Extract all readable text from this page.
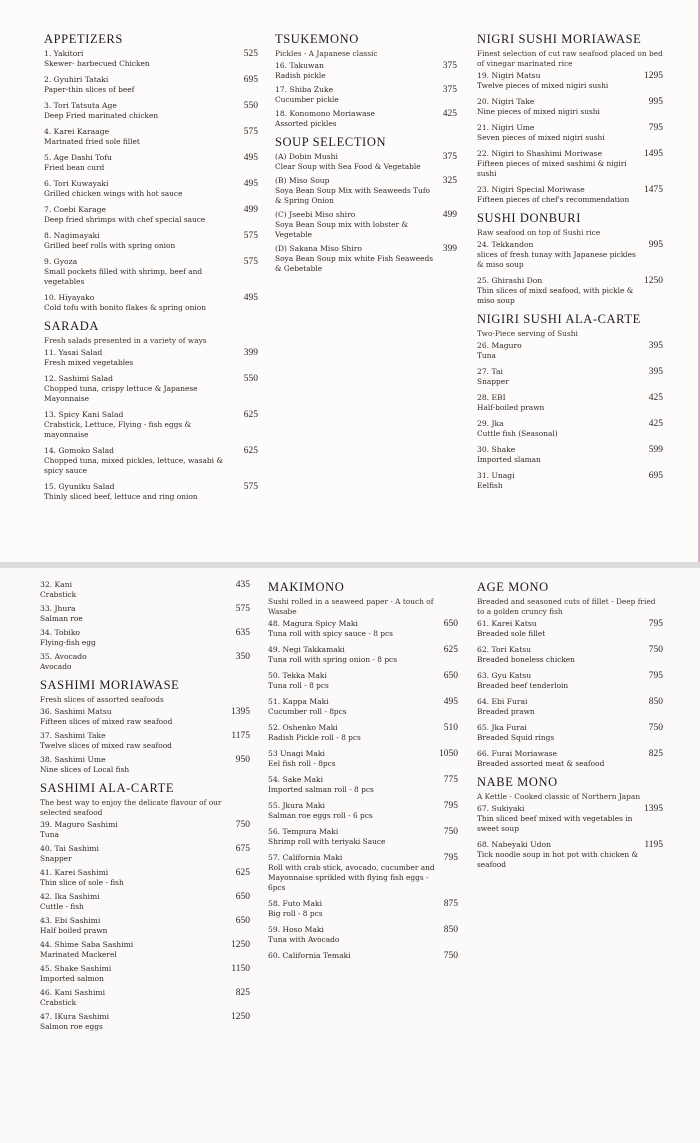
APPETIZERS
1. Yakitori
Skewer- barbecued Chicken
525
2. Gyuhiri Tataki
Paper-thin slices of beef
695
3. Tori Tatsuta Age
Deep Fried marinated chicken
550
4. Karei Karaage
Marinated fried sole fillet
575
5. Age Dashi Tofu
Fried bean curd
495
6. Tori Kuwayaki
Grilled chicken wings with hot sauce
495
7. Coebi Karage
Deep fried shrimps with chef special sauce
499
8. Nagimayaki
Grilled beef rolls with spring onion
575
9. Gyoza
Small pockets filled with shrimp, beef and vegetables
575
10. Hiyayako
Cold tofu with bonito flakes & spring onion
495
SARADA
Fresh salads presented in a variety of ways
11. Yasai Salad
Fresh mixed vegetables
399
12. Sashimi Salad
Chopped tuna, crispy lettuce & Japanese Mayonnaise
550
13. Spicy Kani Salad
Crabstick, Lettuce, Flying - fish eggs & mayonnaise
625
14. Gomoko Salad
Chopped tuna, mixed pickles, lettuce, wasabi & spicy sauce
625
15. Gyuniku Salad
Thinly sliced beef, lettuce and ring onion
575
TSUKEMONO
Pickles - A Japanese classic
16. Takuwan
Radish pickle
375
17. Shiba Zuke
Cucumber pickle
375
18. Konomono Moriawase
Assorted pickles
425
SOUP SELECTION
(A) Dobin Mushi
Clear Soup with Sea Food & Vegetable
375
(B) Miso Soup
Soya Bean Soup Mix with Seaweeds Tufo & Spring Onion
325
(C) Jseebi Miso shiro
Soya Bean Soup mix with lobster & Vegetable
499
(D) Sakana Miso Shiro
Soya Bean Soup mix white Fish Seaweeds & Gebetable
399
NIGRI SUSHI MORIAWASE
Finest selection of cut raw seafood placed on bed of vinegar marinated rice
19. Nigiri Matsu
Twelve pieces of mixed nigiri sushi
1295
20. Nigiri Take
Nine pieces of mixed nigiri sushi
995
21. Nigiri Ume
Seven pieces of mixed nigiri sushi
795
22. Nigiri to Shashimi Moriwase
Fifteen pieces of mixed sashimi & nigiri sushi
1495
23. Nigiri Special Moriwase
Fifteen pieces of chef's recommendation
1475
SUSHI DONBURI
Raw seafood on top of Sushi rice
24. Tekkandon
slices of fresh tunay with Japanese pickles & miso soup
995
25. Ghirashi Don
Thin slices of mixd seafood, with pickle & miso soup
1250
NIGIRI SUSHI ALA-CARTE
Two-Piece serving of Sushi
26. Maguro
Tuna
395
27. Tai
Snapper
395
28. EBI
Half-boiled prawn
425
29. Jka
Cuttle fish (Seasonal)
425
30. Shake
Imported slaman
599
31. Unagi
Eelfish
695
32. Kani
Crabstick
435
33. Jhura
Salman roe
575
34. Tobiko
Flying-fish egg
635
35. Avocado
Avocado
350
SASHIMI MORIAWASE
Fresh slices of assorted seafoods
36. Sashimi Matsu
Fifteen slices of mixed raw seafood
1395
37. Sashimi Take
Twelve slices of mixed raw seafood
1175
38. Sashimi Ume
Nine slices of Local fish
950
SASHIMI ALA-CARTE
The best way to enjoy the delicate flavour of our selected seafood
39. Maguro Sashimi
Tuna
750
40. Tai Sashimi
Snapper
675
41. Karei Sashimi
Thin slice of sole - fish
625
42. Ika Sashimi
Cuttle - fish
650
43. Ebi Sashimi
Half boiled prawn
650
44. Shime Saba Sashimi
Marinated Mackerel
1250
45. Shake Sashimi
Imported salmon
1150
46. Kani Sashimi
Crabstick
825
47. IKura Sashimi
Salmon roe eggs
1250
MAKIMONO
Sushi rolled in a seaweed paper - A touch of Wasabe
48. Magura Spicy Maki
Tuna roll with spicy sauce - 8 pcs
650
49. Negi Takkamaki
Tuna roll with spring onion - 8 pcs
625
50. Tekka Maki
Tuna roll - 8 pcs
650
51. Kappa Maki
Cucumber roll - 8pcs
495
52. Oshenko Maki
Radish Pickle roll - 8 pcs
510
53 Unagi Maki
Eel fish roll - 8pcs
1050
54. Sake Maki
Imported salman roll - 8 pcs
775
55. Jkura Maki
Salman roe eggs roll - 6 pcs
795
56. Tempura Maki
Shrimp roll with teriyaki Sauce
750
57. California Maki
Roll with crab stick, avocado, cucumber and Mayonnaise sprikled with flying fish eggs - 6pcs
795
58. Futo Maki
Big roll - 8 pcs
875
59. Hoso Maki
Tuna with Avocado
850
60. California Temaki	750
AGE MONO
Breaded and seasoned cuts of fillet - Deep fried to a golden cruncy fish
61. Karei Katsu
Breaded sole fillet
795
62. Tori Katsu
Breaded boneless chicken
750
63. Gyu Katsu
Breaded beef tenderloin
795
64. Ebi Furai
Breaded prawn
850
65. Jka Furai
Breaded Squid rings
750
66. Furai Moriawase
Breaded assorted meat & seafood
825
NABE MONO
A Kettle - Cooked classic of Northern Japan
67. Sukiyaki
Thin sliced beef mixed with vegetables in sweet soup
1395
68. Nabeyaki Udon
Tick noodle soup in hot pot with chicken & seafood
1195
